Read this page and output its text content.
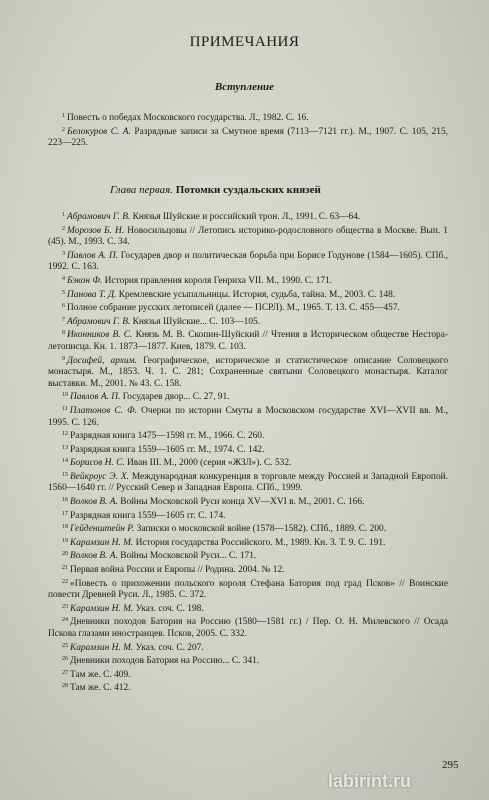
ПРИМЕЧАНИЯ
Вступление
$^1$ Повесть о победах Московского государства. Л., 1982. С. 16.
$^2$ Белокуров С. А. Разрядные записи за Смутное время (7113—7121 гг.). М., 1907. С. 105, 215, 223—225.
Глава первая. Потомки суздальских князей
$^1$ Абрамович Г. В. Князья Шуйские и российский трон. Л., 1991. С. 63—64.
$^2$ Морозов Б. Н. Новосильцовы // Летопись историко-родословного общества в Москве. Вып. 1 (45). М., 1993. С. 34.
$^3$ Павлов А. П. Государев двор и политическая борьба при Борисе Годунове (1584—1605). СПб., 1992. С. 163.
$^4$ Бэкон Ф. История правления короля Генриха VII. М., 1990. С. 171.
$^5$ Панова Т. Д. Кремлевские усыпальницы. История, судьба, тайна. М., 2003. С. 148.
$^6$ Полное собрание русских летописей (далее — ПСРЛ). М., 1965. Т. 13. С. 455—457.
$^7$ Абрамович Г. В. Князья Шуйские... С. 103—105.
$^8$ Иконников В. С. Князь М. В. Скопин-Шуйский // Чтения в Историческом обществе Нестора-летописца. Кн. 1. 1873—1877. Киев, 1879. С. 103.
$^9$ Досифей, архим. Географическое, историческое и статистическое описание Соловецкого монастыря. М., 1853. Ч. 1. С. 281; Сохраненные святыни Соловецкого монастыря. Каталог выставки. М., 2001. № 43. С. 158.
$^{10}$ Павлов А. П. Государев двор... С. 27, 91.
$^{11}$ Платонов С. Ф. Очерки по истории Смуты в Московском государстве XVI—XVII вв. М., 1995. С. 126.
$^{12}$ Разрядная книга 1475—1598 гг. М., 1966. С. 260.
$^{13}$ Разрядная книга 1559—1605 гг. М., 1974. С. 142.
$^{14}$ Борисов Н. С. Иван III. М., 2000 (серия «ЖЗЛ»). С. 532.
$^{15}$ Вейкроус Э. Х. Международная конкуренция в торговле между Россией и Западной Европой. 1560—1640 гг. // Русский Север и Западная Европа. СПб., 1999.
$^{16}$ Волков В. А. Войны Московской Руси конца XV—XVI в. М., 2001. С. 166.
$^{17}$ Разрядная книга 1559—1605 гг. С. 174.
$^{18}$ Гейденштейн Р. Записки о московской войне (1578—1582). СПб., 1889. С. 200.
$^{19}$ Карамзин Н. М. История государства Российского. М., 1989. Кн. 3. Т. 9. С. 191.
$^{20}$ Волков В. А. Войны Московской Руси... С. 171.
$^{21}$ Первая война России и Европы // Родина. 2004. № 12.
$^{22}$ «Повесть о прихожении польского короля Стефана Батория под град Псков» // Воинские повести Древней Руси. Л., 1985. С. 372.
$^{23}$ Карамзин Н. М. Указ. соч. С. 198.
$^{24}$ Дневники походов Батория на Россию (1580—1581 гг.) / Пер. О. Н. Милевского // Осада Пскова глазами иностранцев. Псков, 2005. С. 332.
$^{25}$ Карамзин Н. М. Указ. соч. С. 207.
$^{26}$ Дневники походов Батория на Россию... С. 341.
$^{27}$ Там же. С. 409.
$^{28}$ Там же. С. 412.
295
labirint.ru
